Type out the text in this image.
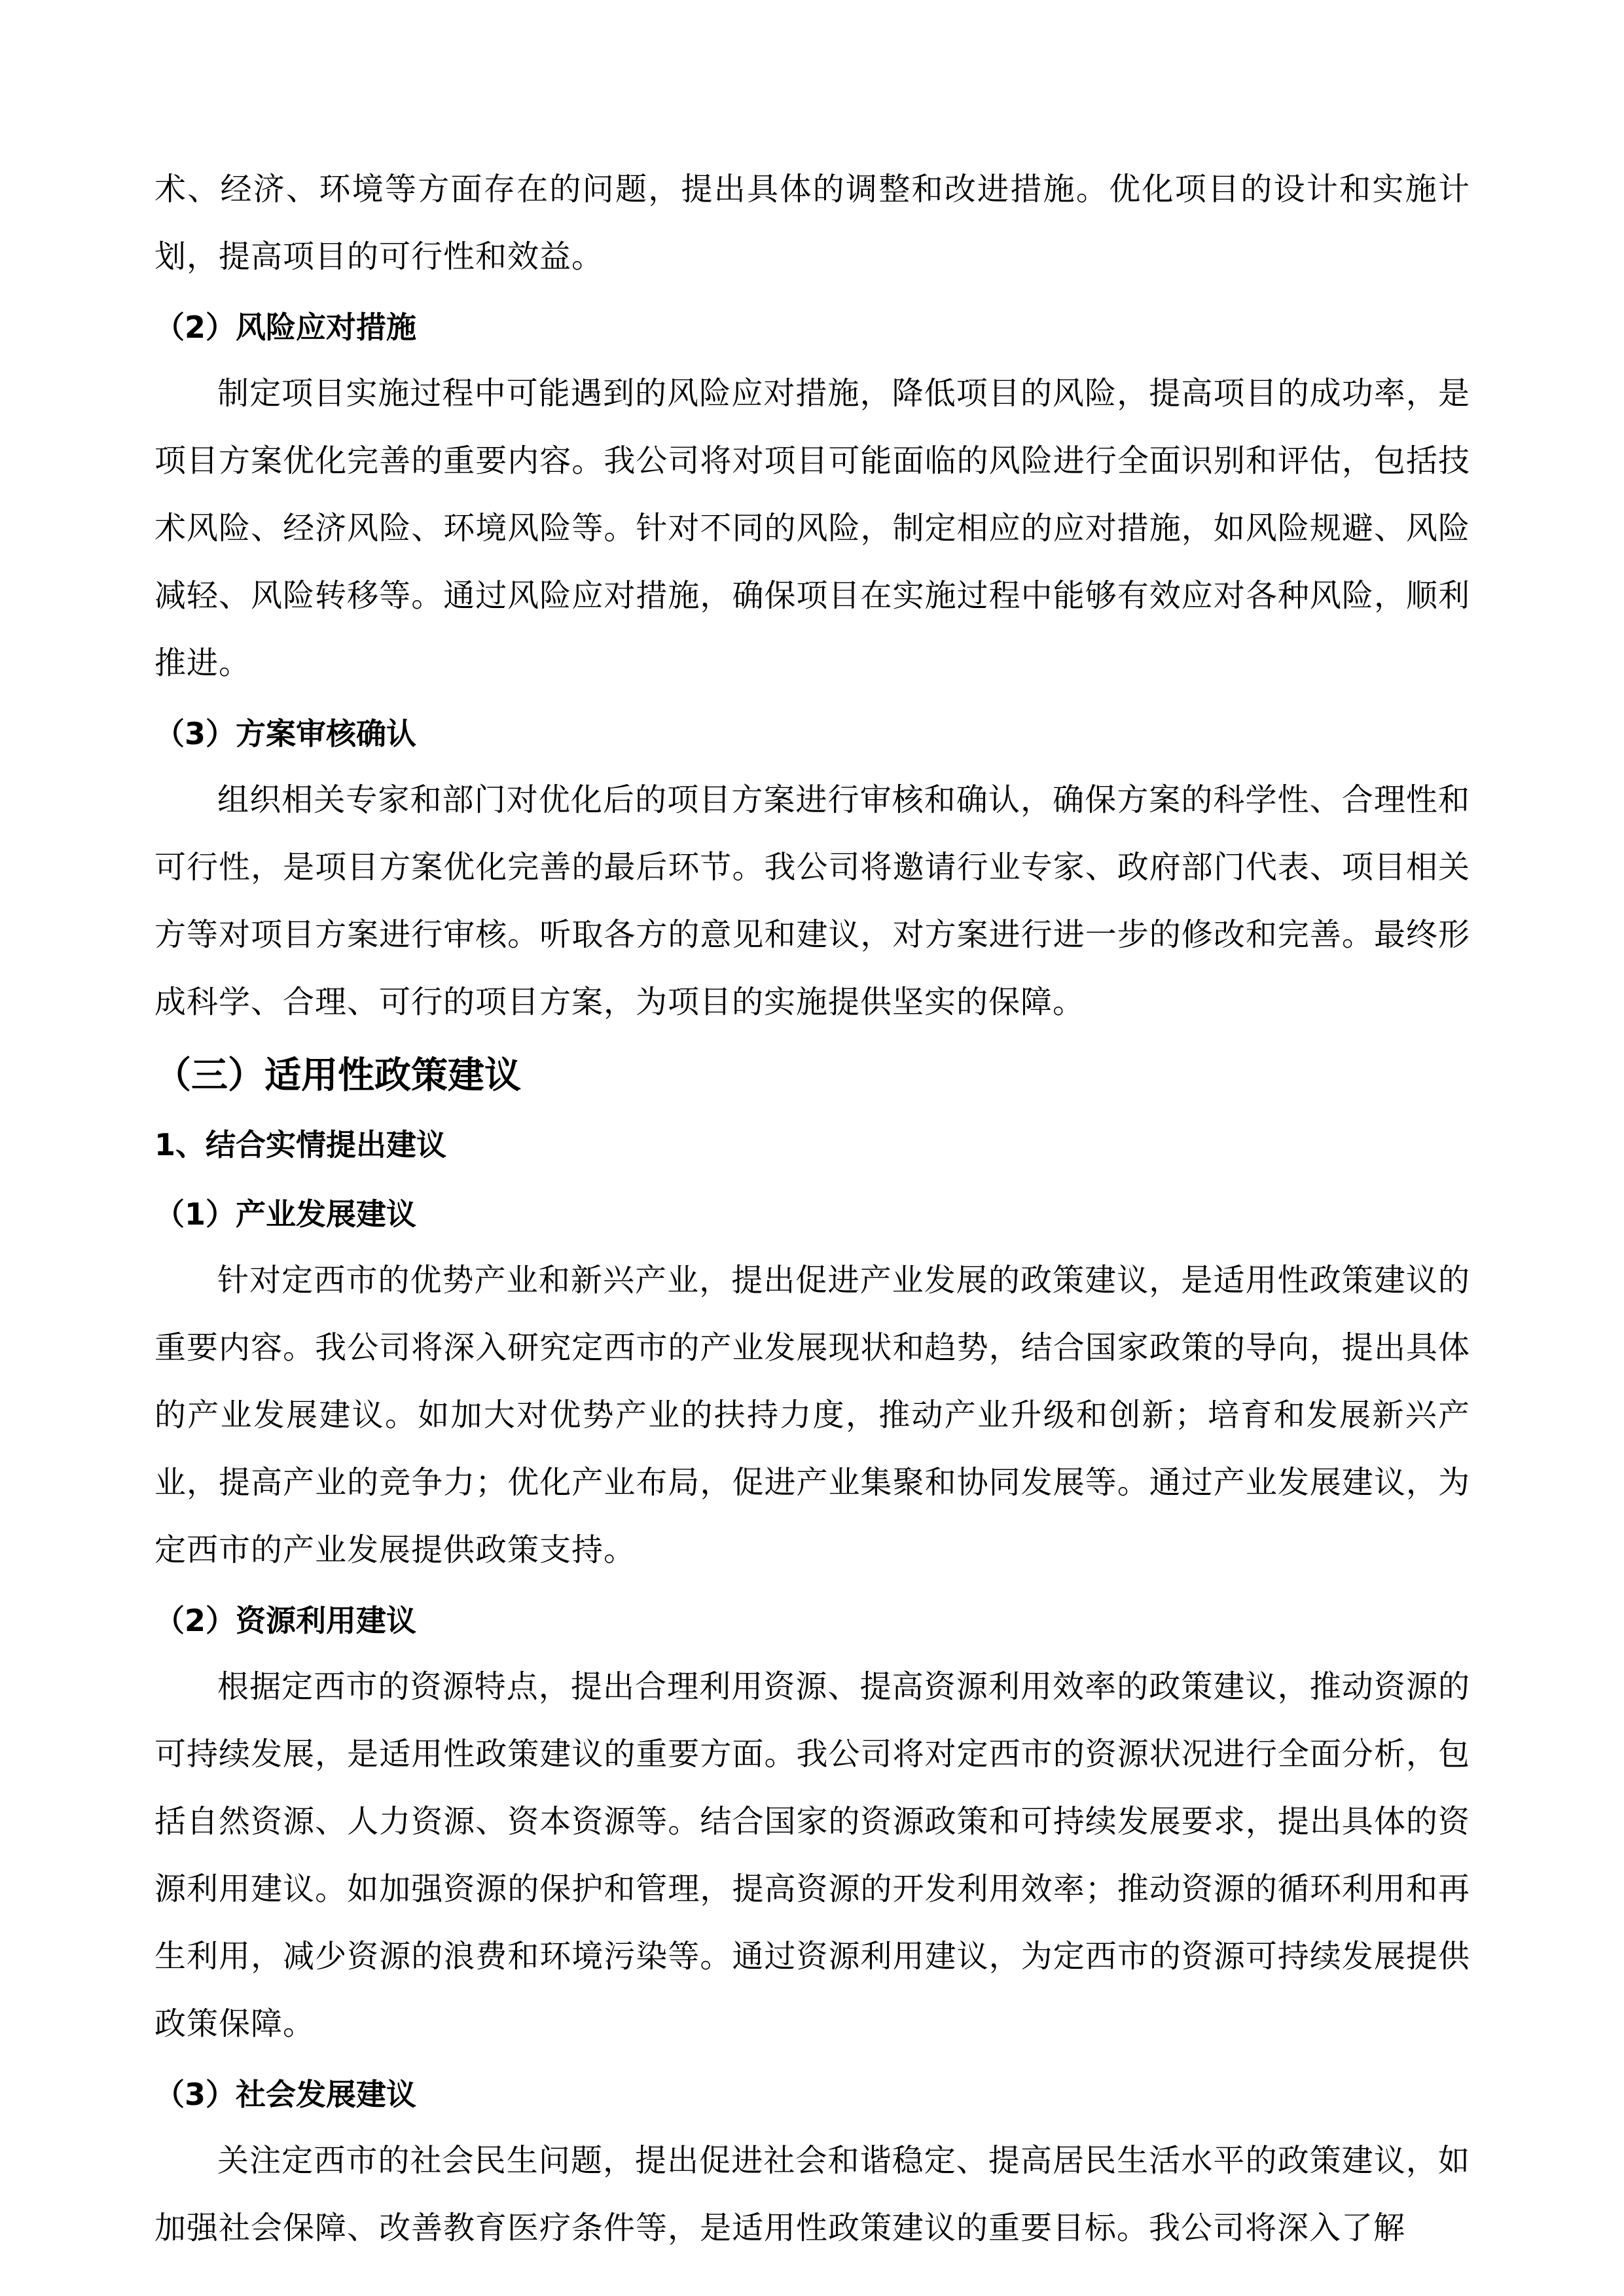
术、经济、环境等方面存在的问题，提出具体的调整和改进措施。优化项目的设计和实施计划，提高项目的可行性和效益。

（2）风险应对措施

制定项目实施过程中可能遇到的风险应对措施，降低项目的风险，提高项目的成功率，是项目方案优化完善的重要内容。我公司将对项目可能面临的风险进行全面识别和评估，包括技术风险、经济风险、环境风险等。针对不同的风险，制定相应的应对措施，如风险规避、风险减轻、风险转移等。通过风险应对措施，确保项目在实施过程中能够有效应对各种风险，顺利推进。

（3）方案审核确认

组织相关专家和部门对优化后的项目方案进行审核和确认，确保方案的科学性、合理性和可行性，是项目方案优化完善的最后环节。我公司将邀请行业专家、政府部门代表、项目相关方等对项目方案进行审核。听取各方的意见和建议，对方案进行进一步的修改和完善。最终形成科学、合理、可行的项目方案，为项目的实施提供坚实的保障。

（三）适用性政策建议
1、结合实情提出建议
（1）产业发展建议

针对定西市的优势产业和新兴产业，提出促进产业发展的政策建议，是适用性政策建议的重要内容。我公司将深入研究定西市的产业发展现状和趋势，结合国家政策的导向，提出具体的产业发展建议。如加大对优势产业的扶持力度，推动产业升级和创新；培育和发展新兴产业，提高产业的竞争力；优化产业布局，促进产业集聚和协同发展等。通过产业发展建议，为定西市的产业发展提供政策支持。

（2）资源利用建议

根据定西市的资源特点，提出合理利用资源、提高资源利用效率的政策建议，推动资源的可持续发展，是适用性政策建议的重要方面。我公司将对定西市的资源状况进行全面分析，包括自然资源、人力资源、资本资源等。结合国家的资源政策和可持续发展要求，提出具体的资源利用建议。如加强资源的保护和管理，提高资源的开发利用效率；推动资源的循环利用和再生利用，减少资源的浪费和环境污染等。通过资源利用建议，为定西市的资源可持续发展提供政策保障。

（3）社会发展建议

关注定西市的社会民生问题，提出促进社会和谐稳定、提高居民生活水平的政策建议，如加强社会保障、改善教育医疗条件等，是适用性政策建议的重要目标。我公司将深入了解
